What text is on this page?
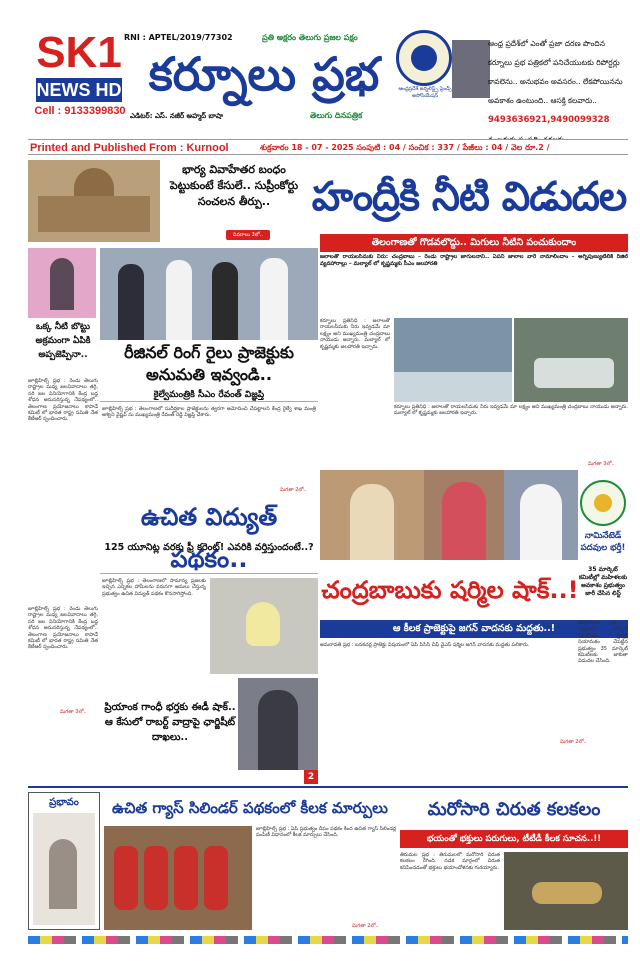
SK1
NEWS HD
Cell : 9133399830
RNI : APTEL/2019/77302	ప్రతి అక్షరం తెలుగు ప్రజల పక్షం
కర్నూలు ప్రభ
ఎడిటర్: ఎస్. నజీర్ అహ్మద్ బాషా	తెలుగు దినపత్రిక
ఆంధ్రప్రదేశ్ జర్నలిస్ట్స్ ఫ్రెండ్స్ అసోసియేషన్
ఆంధ్ర ప్రదేశ్‌లో ఎంతో ప్రజా దరణ పొందిన కర్నూలు ప్రభ పత్రికలో పనిచేయుటకు రిపోర్టర్లు కావలెను.. అనుభవం అవసరం.. లేకపోయినను అవకాశం ఉంటుంది.. ఆసక్తి కలవారు.. 9493636921,9490099328
Printed and Published From : Kurnool	శుక్రవారం 18 - 07 - 2025 సంపుటి : 04 / సంచిక : 337 / పేజీలు : 04 / వెల రూ.2 /
భార్య వివాహేతర బంధం పెట్టుకుంటే కేసులే.. సుప్రీంకోర్టు సంచలన తీర్పు..
వివరాలు 3లో..
హంద్రీకి నీటి విడుదల
తెలంగాణతో గొడవలొద్దు.. మిగులు నీటిని పంచుకుందాం
ఒక్క నీటి బొట్టు అక్రమంగా ఏపికి అప్పజెప్పినా..
జూబ్లీహిల్స్ ప్రభ : రెండు తెలుగు రాష్ట్రాల మధ్య జలవివాదాలు తగ్గి, సరి జల వినియోగానికి కేంద్ర బద్ద శోధన అనుసరిస్తున్న నేపథ్యంలో.. తెలంగాణ ప్రయోజనాలు కాపాడే కమిటీ లో భారత రాష్ట్ర సమితి నేత కేటీఆర్ స్పందించారు.
రీజినల్ రింగ్ రైలు ప్రాజెక్టుకు అనుమతి ఇవ్వండి..
కైల్వేమంత్రికి సీఎం రేవంత్ విజ్ఞప్తి
జూబ్లీహిల్స్ ప్రభ : తెలంగాణలో సుదీర్ఘకాల ప్రాజెక్టులను త్వరగా ఆమోదించి చేపట్టాలని కేంద్ర రైల్వే శాఖ మంత్రి అశ్విని వైష్ణవ్ ను ముఖ్యమంత్రి రేవంత్ రెడ్డి విజ్ఞప్తి చేశారు.
మిగతా 2లో..
జలాలతో రాయలసీమకు నీరు: చంద్రబాబు – రెండు రాష్ట్రాల జాగులనాని.. ఏపని జాలాల వారే నామాలిందాం – అగ్నిపుణ్యుటిలికి రీజిల్ వ్యవహారాల్లు – మల్యాల్ లో కృష్ణమ్మకు సీఎం జలహారతి
కర్నూలు ప్రతినిధి : జలాలతో రాయలసీమకు నీరు ఇవ్వడమే మా లక్ష్యం అని ముఖ్యమంత్రి చంద్రబాబు నాయుడు అన్నారు. మల్యాల్ లో కృష్ణమ్మకు జలహారతి ఇచ్చారు.
కర్నూలు ప్రతినిధి : జలాలతో రాయలసీమకు నీరు ఇవ్వడమే మా లక్ష్యం అని ముఖ్యమంత్రి చంద్రబాబు నాయుడు అన్నారు. మల్యాల్ లో కృష్ణమ్మకు జలహారతి ఇచ్చారు.
మిగతా 3లో..
ఉచిత విద్యుత్ పథకం..
125 యూనిట్ల వరకు ఫ్రీ కరెంట్! ఎవరికి వర్తిస్తుందంటే..?
జూబ్లీహిల్స్ ప్రభ : తెలంగాణలో సామాన్య ప్రజలకు ఇచ్చిన ఎన్నికల హామీలను వరుసగా అమలు చేస్తున్న ప్రభుత్వం ఉచిత విద్యుత్ పథకం కొనసాగిస్తోంది.	చంద్రబాబుకు షర్మిల షాక్..!
ఆ కీలక ప్రాజెక్టుపై జగన్ వాదనకు మద్దతు..!
అమరావతి ప్రభ : బనకచర్ల ప్రాజెక్టు విషయంలో ఏపీ పీసీసీ చీఫ్ వైఎస్ షర్మిల జగన్ వాదనకు మద్దతు పలికారు.
మిగతా 2లో..
నామినేటెడ్ పదవుల భర్తీ!
35 మార్కెట్ కమిటీల్లో మహిళలకు అవకాశం ప్రభుత్వం జారీ చేసిన లిస్ట్
జూబ్లీహిల్స్ ప్రభ : రెండు తెలుగు రాష్ట్రాల మధ్య జలవివాదాలు తగ్గి, సరి జల వినియోగానికి కేంద్ర బద్ద శోధన అనుసరిస్తున్న నేపథ్యంలో.. తెలంగాణ ప్రయోజనాలు కాపాడే కమిటీ లో భారత రాష్ట్ర సమితి నేత కేటీఆర్ స్పందించారు.
మిగతా 3లో..	ప్రియాంక గాంధీ భర్తకు ఈడీ షాక్.. ఆ కేసులో రాబర్ట్ వాద్రాపై ఛార్జిషీట్ దాఖలు..
2
అమరావతి ప్రభ : రాష్ట్రంలో మార్కెట్ కమిటీలకు చైర్మన్ల నియామకం చేపట్టిన ప్రభుత్వం 35 మార్కెట్ కమిటీలకు జాబితా విడుదల చేసింది.
ప్రభావం	ఉచిత గ్యాస్ సిలిండర్ పథకంలో కీలక మార్పులు
జూబ్లీహిల్స్ ప్రభ : ఏపీ ప్రభుత్వం దీపం పథకం కింద ఉచిత గ్యాస్ సిలిండర్ల పంపిణీ విధానంలో కీలక మార్పులు చేసింది.
మిగతా 2లో..
మరోసారి చిరుత కలకలం
భయంతో భక్తులు పరుగులు, టీటీడీ కీలక సూచన..!!
తిరుమల ప్రభ : తిరుమలలో మరోసారి చిరుత కలకలం రేగింది. నడక మార్గంలో చిరుత కనిపించడంతో భక్తులు భయాందోళనకు గురయ్యారు.
